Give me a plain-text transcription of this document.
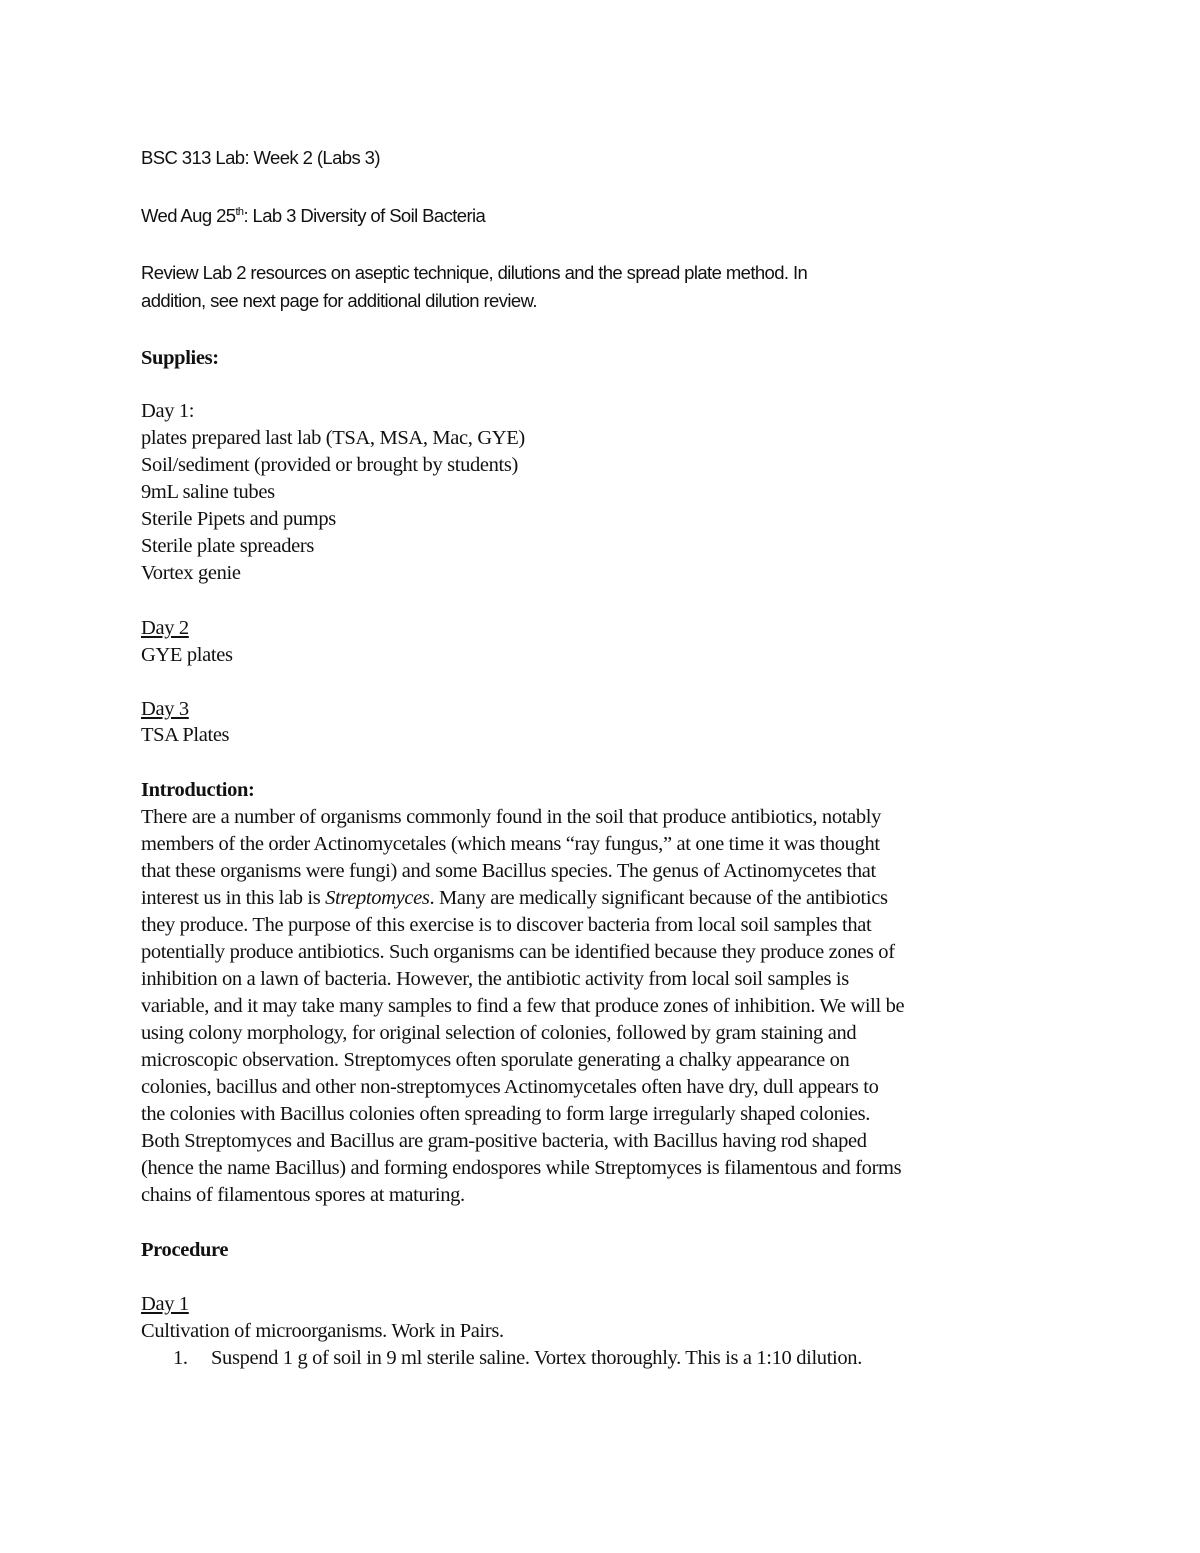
BSC 313 Lab: Week 2 (Labs 3)
Wed Aug 25th: Lab 3 Diversity of Soil Bacteria
Review Lab 2 resources on aseptic technique, dilutions and the spread plate method. In
addition, see next page for additional dilution review.
Supplies:
Day 1:
plates prepared last lab (TSA, MSA, Mac, GYE)
Soil/sediment (provided or brought by students)
9mL saline tubes
Sterile Pipets and pumps
Sterile plate spreaders
Vortex genie
Day 2
GYE plates
Day 3
TSA Plates
Introduction:
There are a number of organisms commonly found in the soil that produce antibiotics, notably
members of the order Actinomycetales (which means “ray fungus,” at one time it was thought
that these organisms were fungi) and some Bacillus species. The genus of Actinomycetes that
interest us in this lab is Streptomyces. Many are medically significant because of the antibiotics
they produce. The purpose of this exercise is to discover bacteria from local soil samples that
potentially produce antibiotics. Such organisms can be identified because they produce zones of
inhibition on a lawn of bacteria. However, the antibiotic activity from local soil samples is
variable, and it may take many samples to find a few that produce zones of inhibition. We will be
using colony morphology, for original selection of colonies, followed by gram staining and
microscopic observation. Streptomyces often sporulate generating a chalky appearance on
colonies, bacillus and other non-streptomyces Actinomycetales often have dry, dull appears to
the colonies with Bacillus colonies often spreading to form large irregularly shaped colonies.
Both Streptomyces and Bacillus are gram-positive bacteria, with Bacillus having rod shaped
(hence the name Bacillus) and forming endospores while Streptomyces is filamentous and forms
chains of filamentous spores at maturing.
Procedure
Day 1
Cultivation of microorganisms. Work in Pairs.
1. Suspend 1 g of soil in 9 ml sterile saline. Vortex thoroughly. This is a 1:10 dilution.
